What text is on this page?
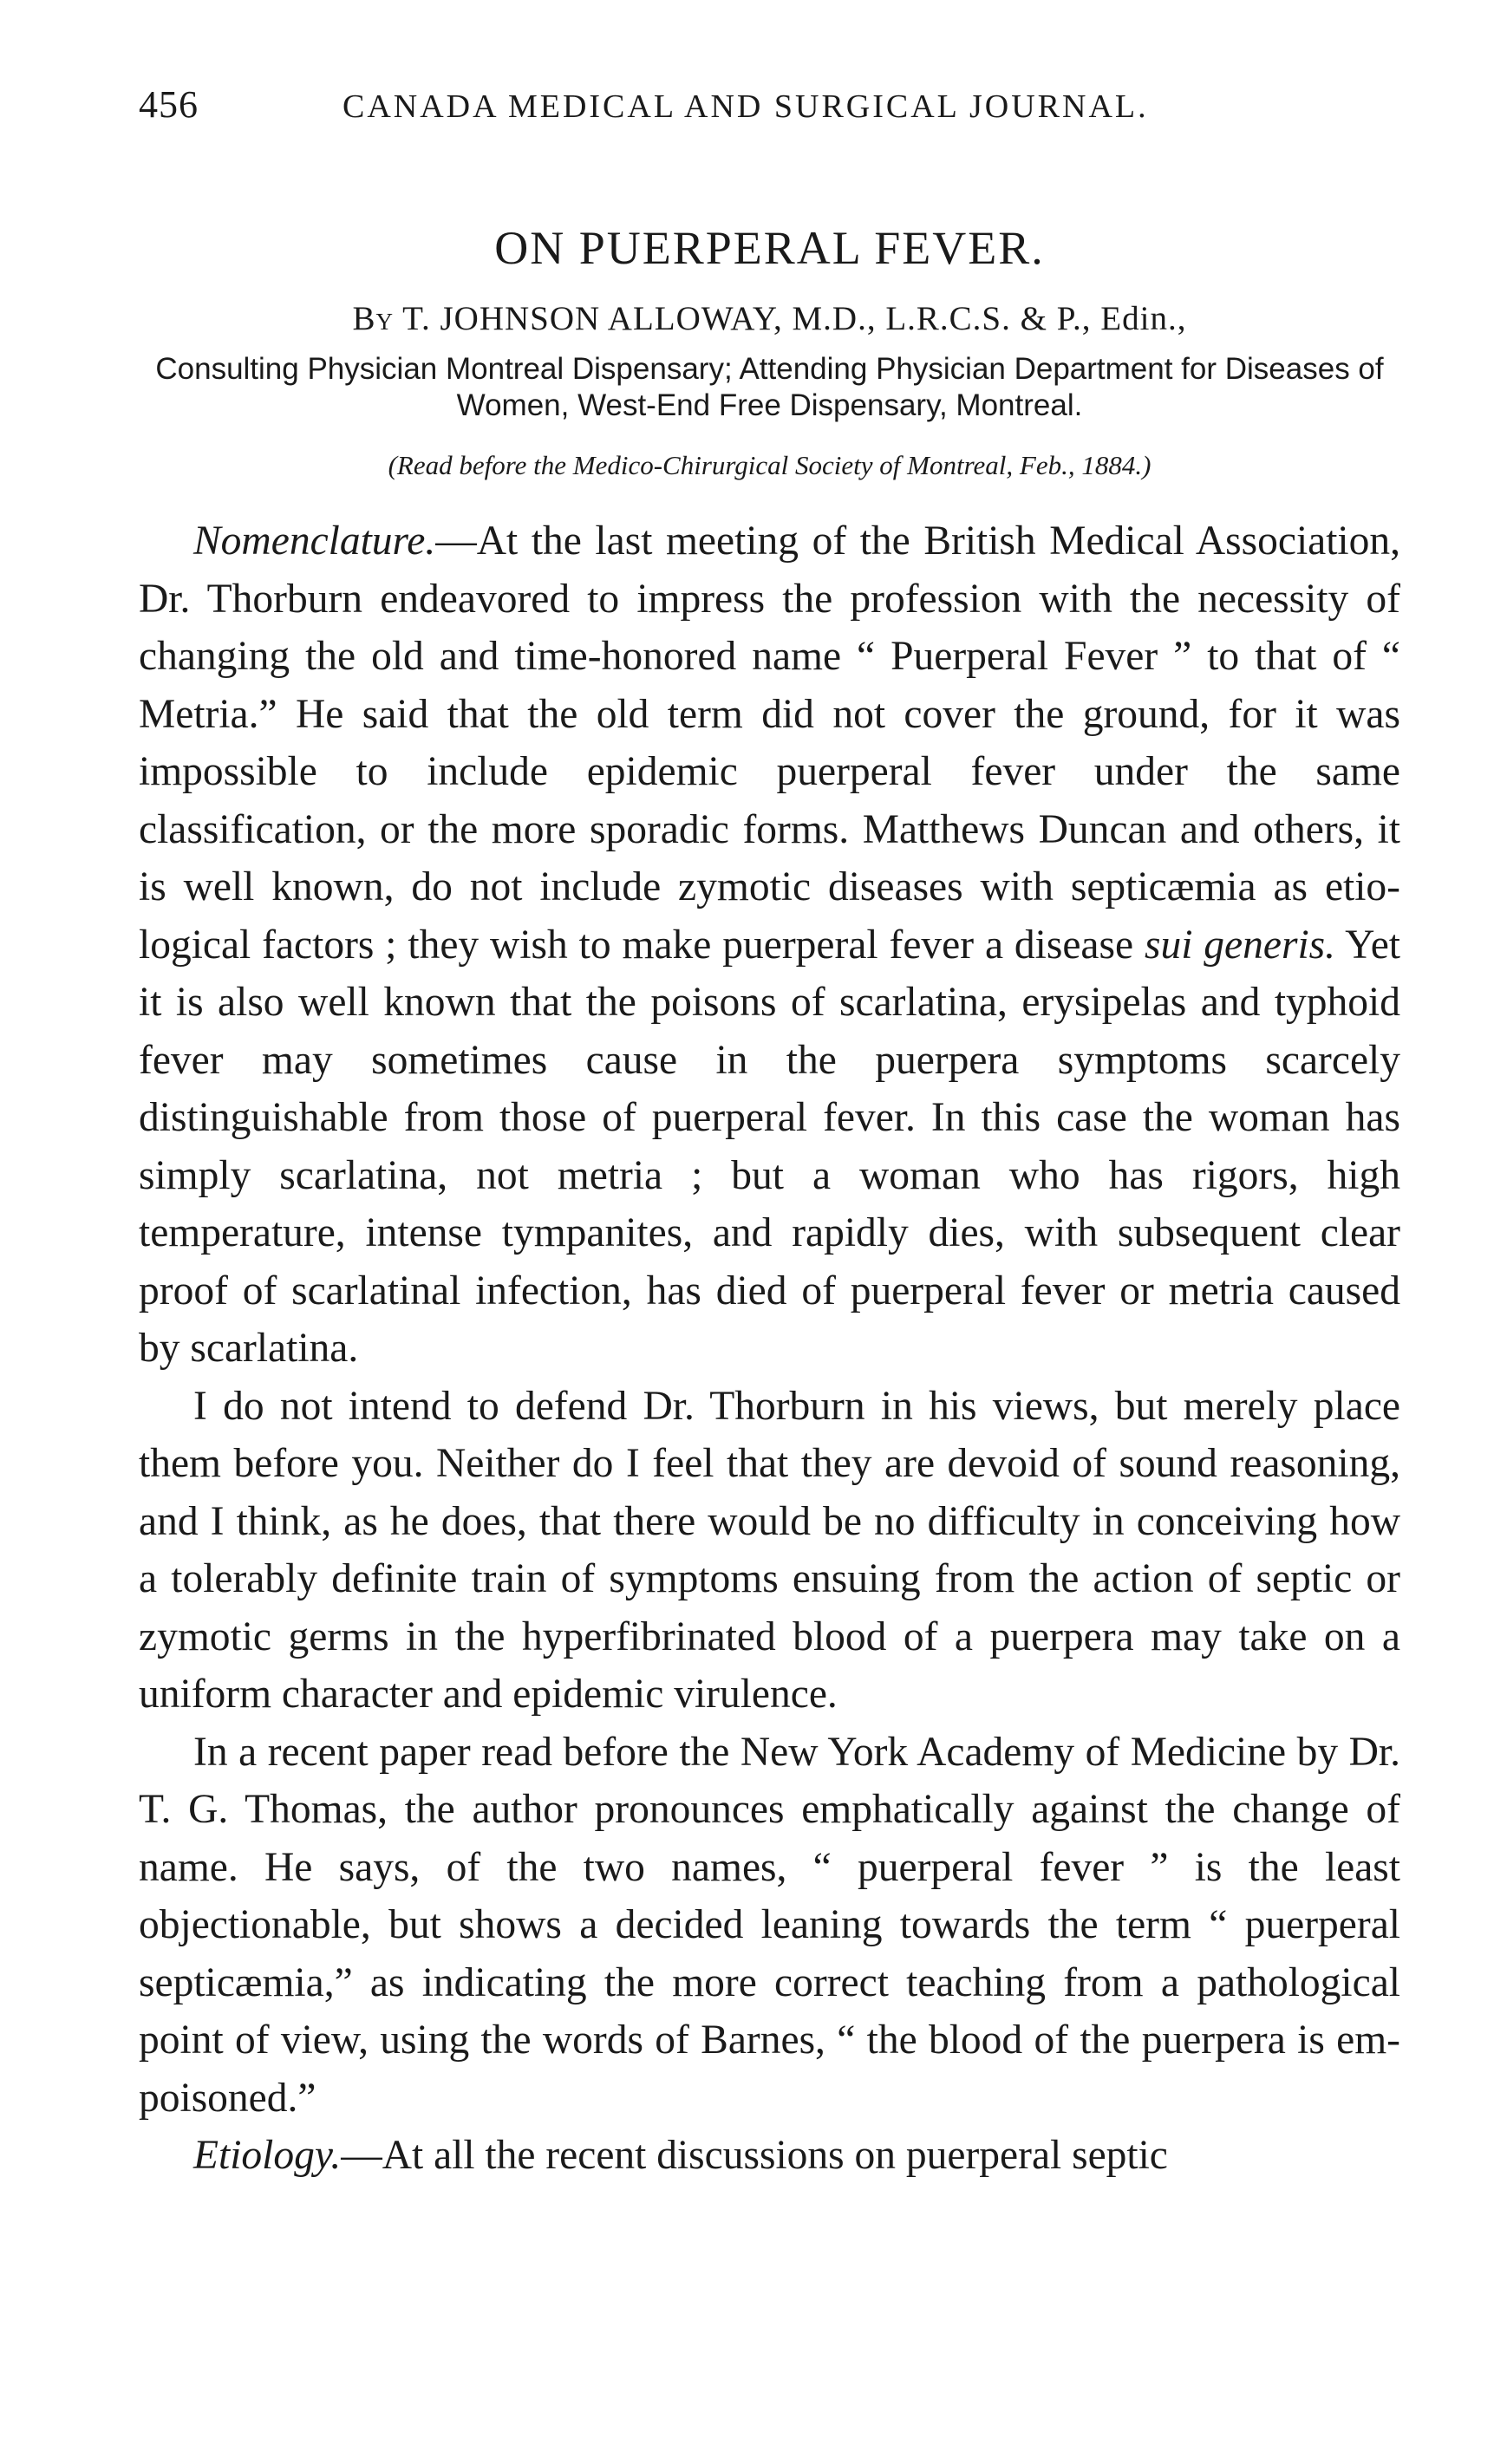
456	CANADA MEDICAL AND SURGICAL JOURNAL.
ON PUERPERAL FEVER.
By T. JOHNSON ALLOWAY, M.D., L.R.C.S. & P., Edin.,
Consulting Physician Montreal Dispensary; Attending Physician Department for Diseases of Women, West-End Free Dispensary, Montreal.
(Read before the Medico-Chirurgical Society of Montreal, Feb., 1884.)

Nomenclature.—At the last meeting of the British Medical Association, Dr. Thorburn endeavored to impress the profession with the necessity of changing the old and time-honored name “ Puerperal Fever ” to that of “ Metria.” He said that the old term did not cover the ground, for it was impossible to include epidemic puerperal fever under the same classification, or the more sporadic forms. Matthews Duncan and others, it is well known, do not include zymotic diseases with septicæmia as etiological factors ; they wish to make puerperal fever a disease sui generis. Yet it is also well known that the poisons of scarlatina, erysipelas and typhoid fever may sometimes cause in the puerpera symptoms scarcely distinguishable from those of puerperal fever. In this case the woman has simply scarlatina, not metria ; but a woman who has rigors, high temperature, intense tympanites, and rapidly dies, with subsequent clear proof of scarlatinal infection, has died of puerperal fever or metria caused by scarlatina.

I do not intend to defend Dr. Thorburn in his views, but merely place them before you. Neither do I feel that they are devoid of sound reasoning, and I think, as he does, that there would be no difficulty in conceiving how a tolerably definite train of symptoms ensuing from the action of septic or zymotic germs in the hyperfibrinated blood of a puerpera may take on a uniform character and epidemic virulence.

In a recent paper read before the New York Academy of Medicine by Dr. T. G. Thomas, the author pronounces emphatically against the change of name. He says, of the two names, “ puerperal fever ” is the least objectionable, but shows a decided leaning towards the term “ puerperal septicæmia,” as indicating the more correct teaching from a pathological point of view, using the words of Barnes, “ the blood of the puerpera is empoisoned.”

Etiology.—At all the recent discussions on puerperal septic
